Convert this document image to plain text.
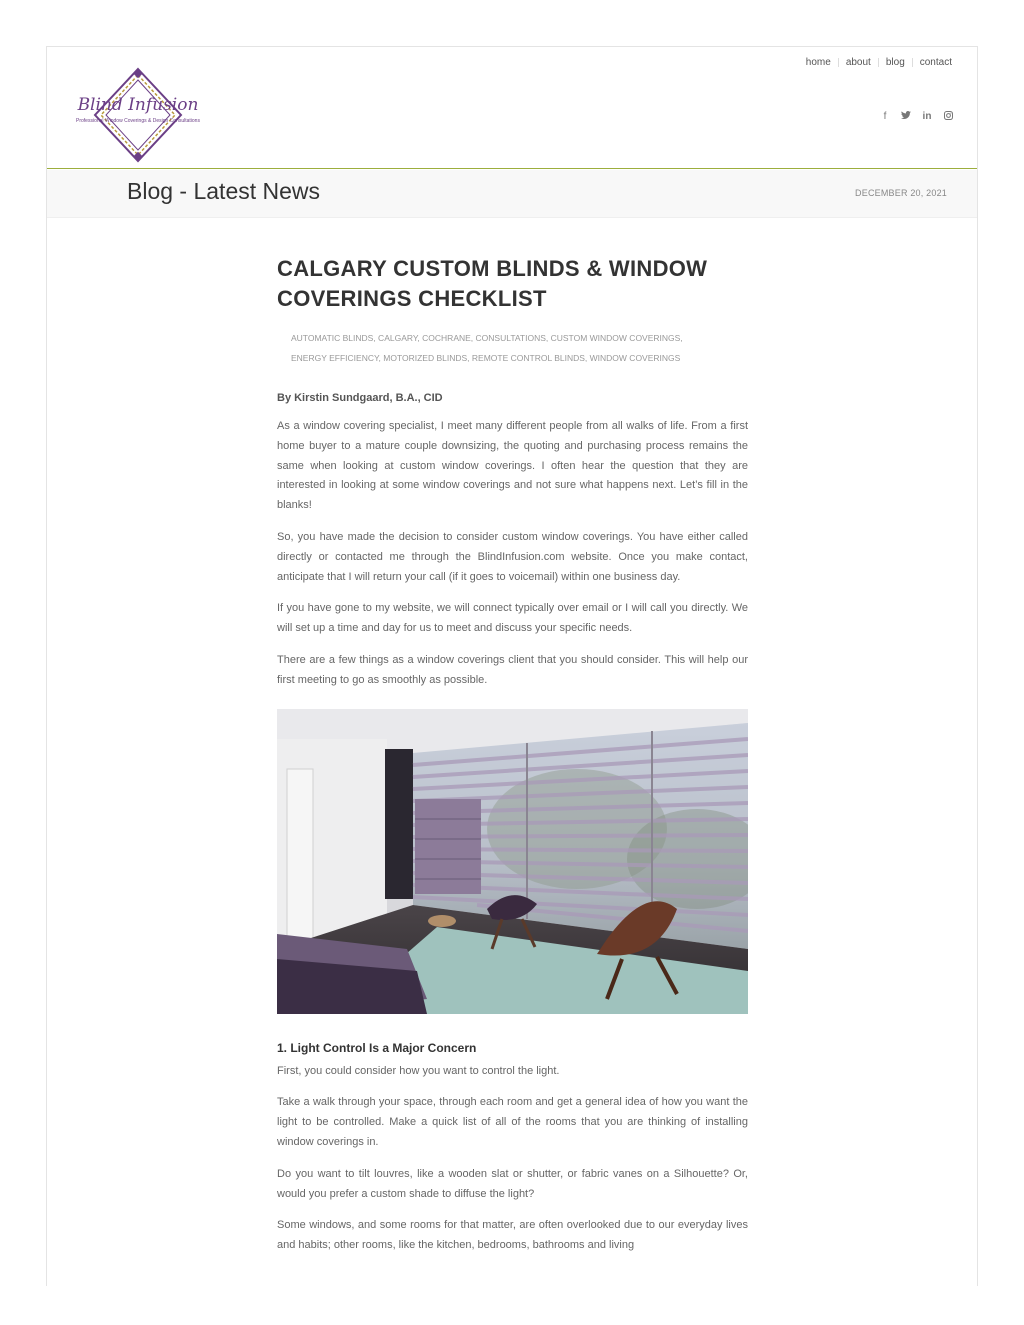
Blind Infusion
Professional Window Coverings & Design Consultations
home	about	blog	contact
f	in
Blog - Latest News	DECEMBER 20, 2021
CALGARY CUSTOM BLINDS & WINDOW COVERINGS CHECKLIST
AUTOMATIC BLINDS, CALGARY, COCHRANE, CONSULTATIONS, CUSTOM WINDOW COVERINGS,
ENERGY EFFICIENCY, MOTORIZED BLINDS, REMOTE CONTROL BLINDS, WINDOW COVERINGS
By Kirstin Sundgaard, B.A., CID

As a window covering specialist, I meet many different people from all walks of life. From a first home buyer to a mature couple downsizing, the quoting and purchasing process remains the same when looking at custom window coverings. I often hear the question that they are interested in looking at some window coverings and not sure what happens next. Let’s fill in the blanks!

So, you have made the decision to consider custom window coverings. You have either called directly or contacted me through the BlindInfusion.com website. Once you make contact, anticipate that I will return your call (if it goes to voicemail) within one business day.

If you have gone to my website, we will connect typically over email or I will call you directly. We will set up a time and day for us to meet and discuss your specific needs.

There are a few things as a window coverings client that you should consider. This will help our first meeting to go as smoothly as possible.

1. Light Control Is a Major Concern

First, you could consider how you want to control the light.

Take a walk through your space, through each room and get a general idea of how you want the light to be controlled. Make a quick list of all of the rooms that you are thinking of installing window coverings in.

Do you want to tilt louvres, like a wooden slat or shutter, or fabric vanes on a Silhouette? Or, would you prefer a custom shade to diffuse the light?

Some windows, and some rooms for that matter, are often overlooked due to our everyday lives and habits; other rooms, like the kitchen, bedrooms, bathrooms and living
